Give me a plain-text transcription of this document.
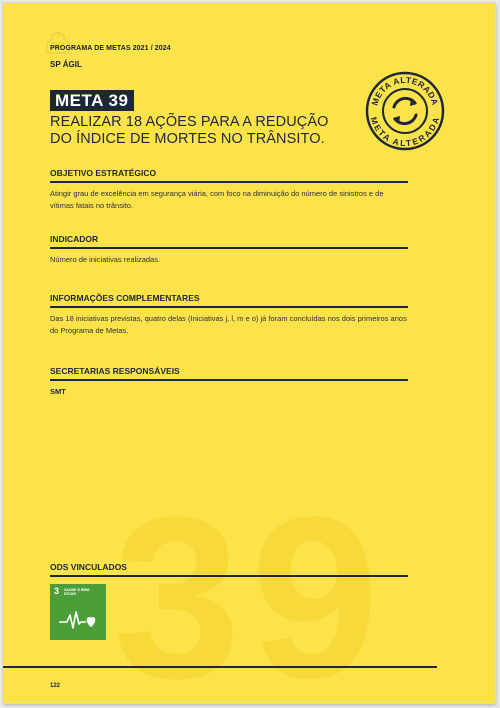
39
PROGRAMA DE METAS 2021 / 2024
SP ÁGIL
META 39
REALIZAR 18 AÇÕES PARA A REDUÇÃO
DO ÍNDICE DE MORTES NO TRÂNSITO.
META ALTERADA
META ALTERADA
OBJETIVO ESTRATÉGICO
Atingir grau de excelência em segurança viária, com foco na diminuição do número de sinistros e de vítimas fatais no trânsito.
INDICADOR
Número de iniciativas realizadas.
INFORMAÇÕES COMPLEMENTARES
Das 18 iniciativas previstas, quatro delas (Iniciativas j, l, m e o) já foram concluídas nos dois primeiros anos do Programa de Metas.
SECRETARIAS RESPONSÁVEIS
SMT
ODS VINCULADOS
3 SAÚDE E BEM-ESTAR
122
